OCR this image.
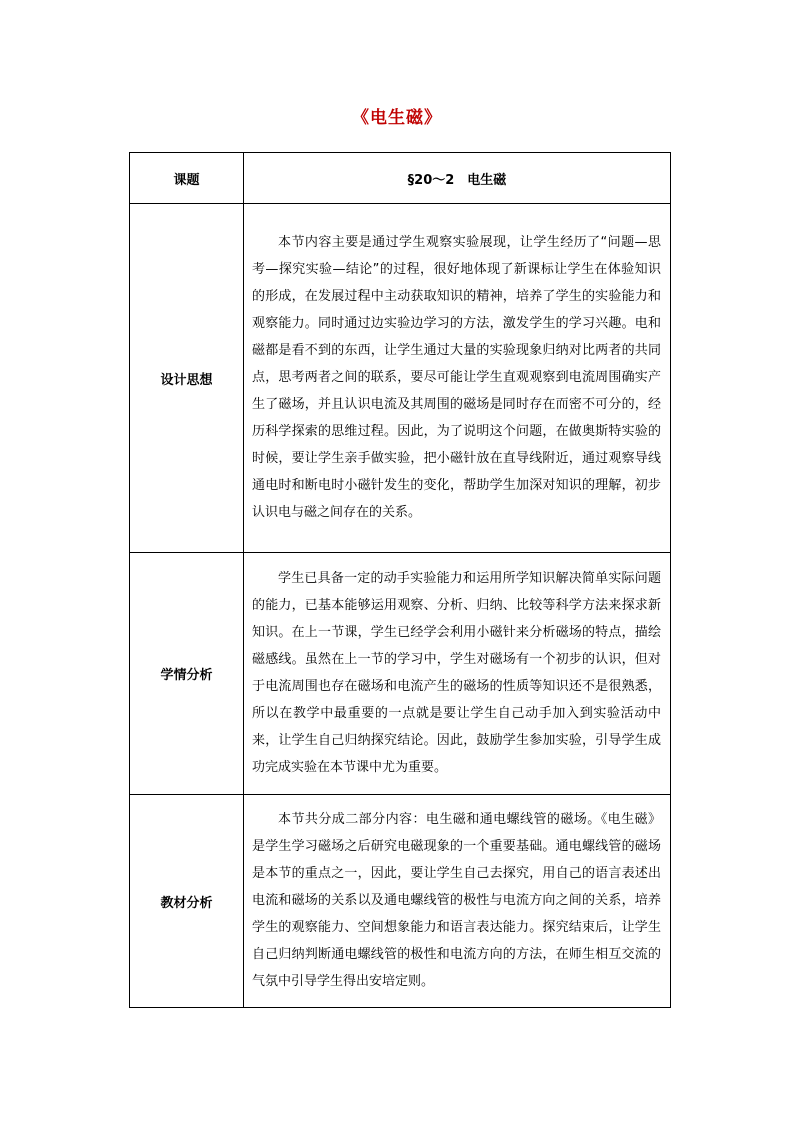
《电生磁》
课题	§20～2　电生磁
设计思想	本节内容主要是通过学生观察实验展现，让学生经历了“问题—思考—探究实验—结论”的过程，很好地体现了新课标让学生在体验知识的形成，在发展过程中主动获取知识的精神，培养了学生的实验能力和观察能力。同时通过边实验边学习的方法，激发学生的学习兴趣。电和磁都是看不到的东西，让学生通过大量的实验现象归纳对比两者的共同点，思考两者之间的联系，要尽可能让学生直观观察到电流周围确实产生了磁场，并且认识电流及其周围的磁场是同时存在而密不可分的，经历科学探索的思维过程。因此，为了说明这个问题，在做奥斯特实验的时候，要让学生亲手做实验，把小磁针放在直导线附近，通过观察导线通电时和断电时小磁针发生的变化，帮助学生加深对知识的理解，初步认识电与磁之间存在的关系。

学情分析	学生已具备一定的动手实验能力和运用所学知识解决简单实际问题的能力，已基本能够运用观察、分析、归纳、比较等科学方法来探求新知识。在上一节课，学生已经学会利用小磁针来分析磁场的特点，描绘磁感线。虽然在上一节的学习中，学生对磁场有一个初步的认识，但对于电流周围也存在磁场和电流产生的磁场的性质等知识还不是很熟悉，所以在教学中最重要的一点就是要让学生自己动手加入到实验活动中来，让学生自己归纳探究结论。因此，鼓励学生参加实验，引导学生成功完成实验在本节课中尤为重要。

教材分析	本节共分成二部分内容：电生磁和通电螺线管的磁场。《电生磁》是学生学习磁场之后研究电磁现象的一个重要基础。通电螺线管的磁场是本节的重点之一，因此，要让学生自己去探究，用自己的语言表述出电流和磁场的关系以及通电螺线管的极性与电流方向之间的关系，培养学生的观察能力、空间想象能力和语言表达能力。探究结束后，让学生自己归纳判断通电螺线管的极性和电流方向的方法，在师生相互交流的气氛中引导学生得出安培定则。
